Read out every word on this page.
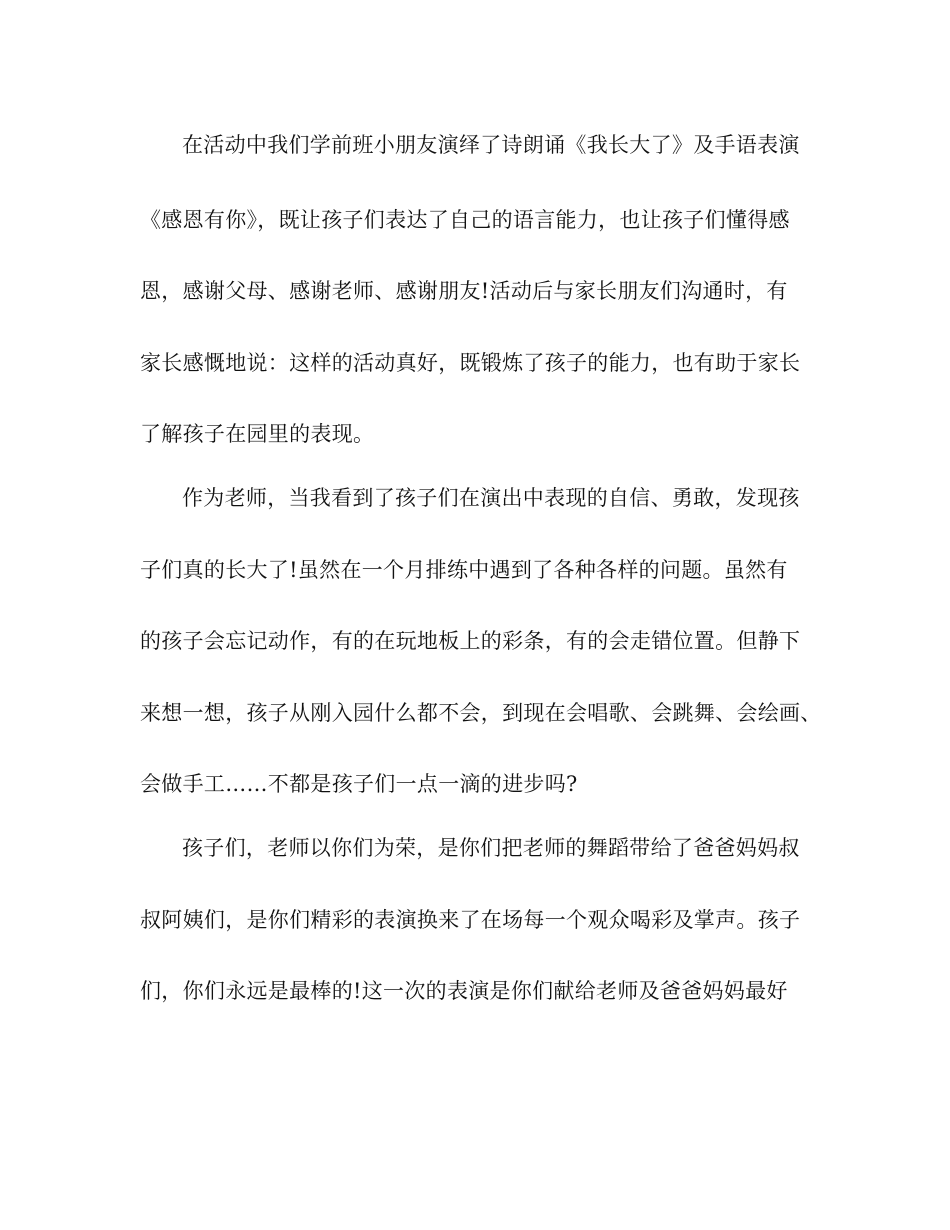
在活动中我们学前班小朋友演绎了诗朗诵《我长大了》及手语表演
《感恩有你》，既让孩子们表达了自己的语言能力，也让孩子们懂得感
恩，感谢父母、感谢老师、感谢朋友!活动后与家长朋友们沟通时，有
家长感慨地说：这样的活动真好，既锻炼了孩子的能力，也有助于家长
了解孩子在园里的表现。
作为老师，当我看到了孩子们在演出中表现的自信、勇敢，发现孩
子们真的长大了!虽然在一个月排练中遇到了各种各样的问题。虽然有
的孩子会忘记动作，有的在玩地板上的彩条，有的会走错位置。但静下
来想一想，孩子从刚入园什么都不会，到现在会唱歌、会跳舞、会绘画、
会做手工……不都是孩子们一点一滴的进步吗?
孩子们，老师以你们为荣，是你们把老师的舞蹈带给了爸爸妈妈叔
叔阿姨们，是你们精彩的表演换来了在场每一个观众喝彩及掌声。孩子
们，你们永远是最棒的!这一次的表演是你们献给老师及爸爸妈妈最好
